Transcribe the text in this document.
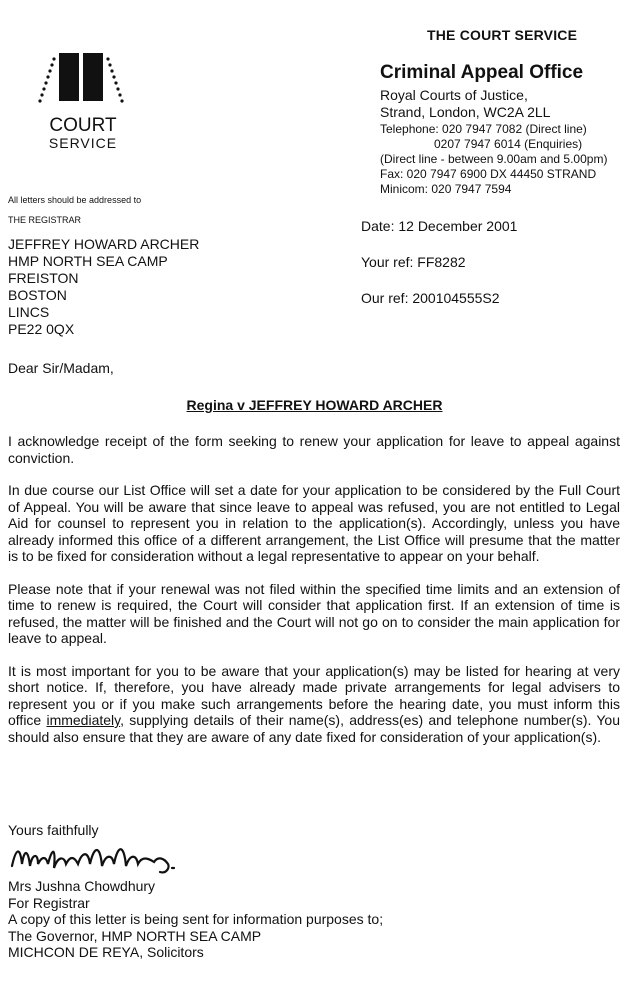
THE COURT SERVICE
Criminal Appeal Office
Royal Courts of Justice,
Strand, London, WC2A 2LL
Telephone: 020 7947 7082 (Direct line)
0207 7947 6014 (Enquiries)
(Direct line - between 9.00am and 5.00pm)
Fax: 020 7947 6900 DX 44450 STRAND
Minicom: 020 7947 7594
COURT
SERVICE
All letters should be addressed to
THE REGISTRAR	Date: 12 December 2001
Your ref: FF8282
Our ref: 200104555S2
JEFFREY HOWARD ARCHER
HMP NORTH SEA CAMP
FREISTON
BOSTON
LINCS
PE22 0QX
Dear Sir/Madam,
Regina v JEFFREY HOWARD ARCHER

I acknowledge receipt of the form seeking to renew your application for leave to appeal against conviction.

In due course our List Office will set a date for your application to be considered by the Full Court of Appeal. You will be aware that since leave to appeal was refused, you are not entitled to Legal Aid for counsel to represent you in relation to the application(s). Accordingly, unless you have already informed this office of a different arrangement, the List Office will presume that the matter is to be fixed for consideration without a legal representative to appear on your behalf.

Please note that if your renewal was not filed within the specified time limits and an extension of time to renew is required, the Court will consider that application first. If an extension of time is refused, the matter will be finished and the Court will not go on to consider the main application for leave to appeal.

It is most important for you to be aware that your application(s) may be listed for hearing at very short notice. If, therefore, you have already made private arrangements for legal advisers to represent you or if you make such arrangements before the hearing date, you must inform this office immediately, supplying details of their name(s), address(es) and telephone number(s). You should also ensure that they are aware of any date fixed for consideration of your application(s).

Yours faithfully
Mrs Jushna Chowdhury
For Registrar
A copy of this letter is being sent for information purposes to;
The Governor, HMP NORTH SEA CAMP
MICHCON DE REYA, Solicitors
